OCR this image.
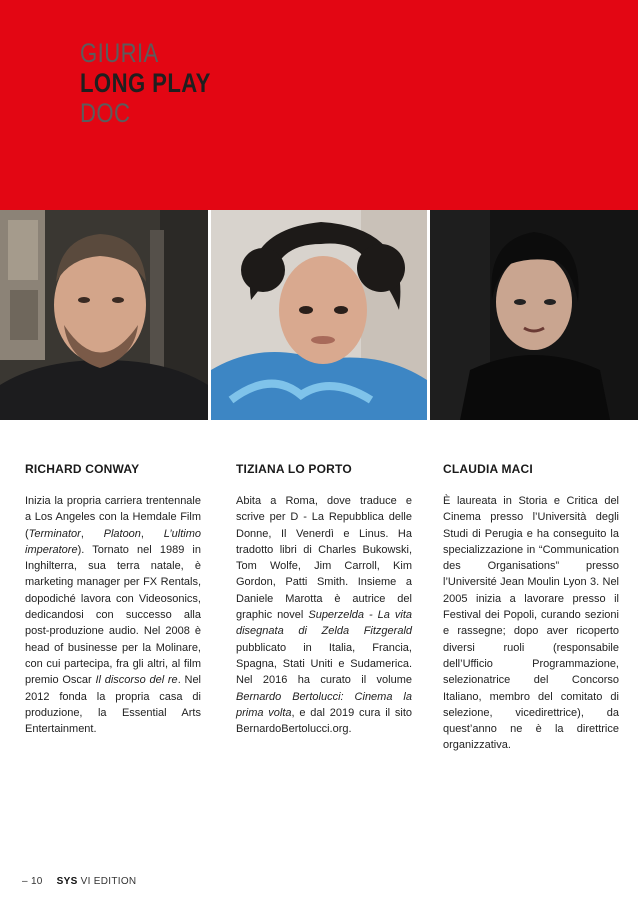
GIURIA
LONG PLAY
DOC
RICHARD CONWAY

Inizia la propria carriera trentennale a Los Angeles con la Hemdale Film (Terminator, Platoon, L’ultimo imperatore). Tornato nel 1989 in Inghilterra, sua terra natale, è marketing manager per FX Rentals, dopodiché lavora con Videosonics, dedicandosi con successo alla post-produzione audio. Nel 2008 è head of businesse per la Molinare, con cui partecipa, fra gli altri, al film premio Oscar Il discorso del re. Nel 2012 fonda la propria casa di produzione, la Essential Arts Entertainment.

TIZIANA LO PORTO

Abita a Roma, dove traduce e scrive per D - La Repubblica delle Donne, Il Venerdì e Linus. Ha tradotto libri di Charles Bukowski, Tom Wolfe, Jim Carroll, Kim Gordon, Patti Smith. Insieme a Daniele Marotta è autrice del graphic novel Superzelda - La vita disegnata di Zelda Fitzgerald pubblicato in Italia, Francia, Spagna, Stati Uniti e Sudamerica. Nel 2016 ha curato il volume Bernardo Bertolucci: Cinema la prima volta, e dal 2019 cura il sito BernardoBertolucci.org.

CLAUDIA MACI

È laureata in Storia e Critica del Cinema presso l’Università degli Studi di Perugia e ha conseguito la specializzazione in “Communication des Organisations” presso l’Université Jean Moulin Lyon 3. Nel 2005 inizia a lavorare presso il Festival dei Popoli, curando sezioni e rassegne; dopo aver ricoperto diversi ruoli (responsabile dell’Ufficio Programmazione, selezionatrice del Concorso Italiano, membro del comitato di selezione, vicedirettrice), da quest’anno ne è la direttrice organizzativa.

– 10 SYS VI EDITION
